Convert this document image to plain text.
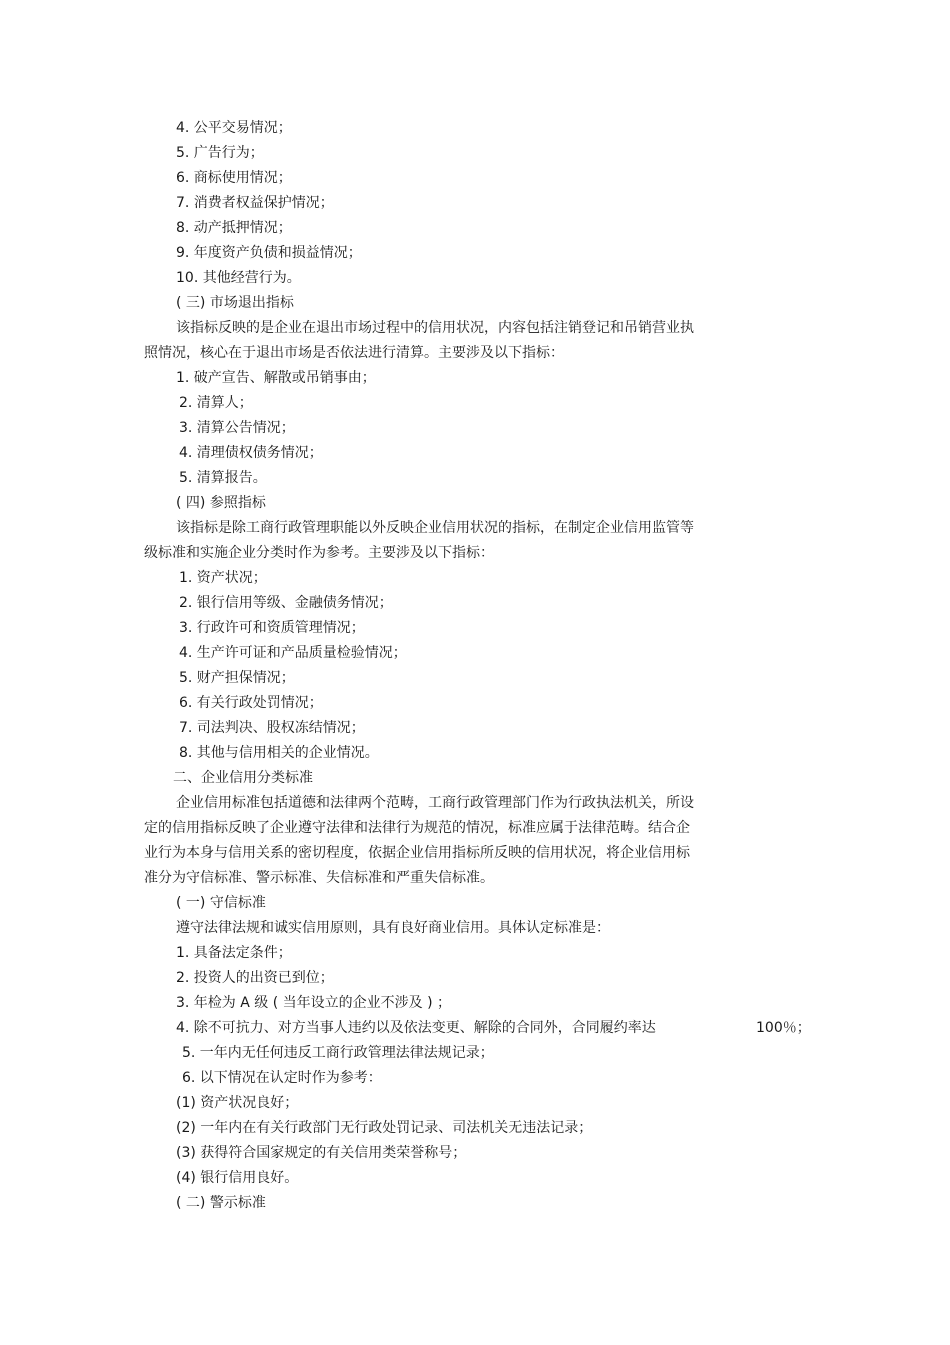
4. 公平交易情况；
5. 广告行为；
6. 商标使用情况；
7. 消费者权益保护情况；
8. 动产抵押情况；
9. 年度资产负债和损益情况；
10. 其他经营行为。
( 三) 市场退出指标
该指标反映的是企业在退出市场过程中的信用状况，内容包括注销登记和吊销营业执
照情况，核心在于退出市场是否依法进行清算。主要涉及以下指标：
1. 破产宣告、解散或吊销事由；
2. 清算人；
3. 清算公告情况；
4. 清理债权债务情况；
5. 清算报告。
( 四) 参照指标
该指标是除工商行政管理职能以外反映企业信用状况的指标，在制定企业信用监管等
级标准和实施企业分类时作为参考。主要涉及以下指标：
1. 资产状况；
2. 银行信用等级、金融债务情况；
3. 行政许可和资质管理情况；
4. 生产许可证和产品质量检验情况；
5. 财产担保情况；
6. 有关行政处罚情况；
7. 司法判决、股权冻结情况；
8. 其他与信用相关的企业情况。
二、企业信用分类标准
企业信用标准包括道德和法律两个范畴，工商行政管理部门作为行政执法机关，所设
定的信用指标反映了企业遵守法律和法律行为规范的情况，标准应属于法律范畴。结合企
业行为本身与信用关系的密切程度，依据企业信用指标所反映的信用状况，将企业信用标
准分为守信标准、警示标准、失信标准和严重失信标准。
( 一) 守信标准
遵守法律法规和诚实信用原则，具有良好商业信用。具体认定标准是：
1. 具备法定条件；
2. 投资人的出资已到位；
3. 年检为 A 级 ( 当年设立的企业不涉及 ) ；
4. 除不可抗力、对方当事人违约以及依法变更、解除的合同外，合同履约率达	100％；
5. 一年内无任何违反工商行政管理法律法规记录；
6. 以下情况在认定时作为参考：
(1) 资产状况良好；
(2) 一年内在有关行政部门无行政处罚记录、司法机关无违法记录；
(3) 获得符合国家规定的有关信用类荣誉称号；
(4) 银行信用良好。
( 二) 警示标准
